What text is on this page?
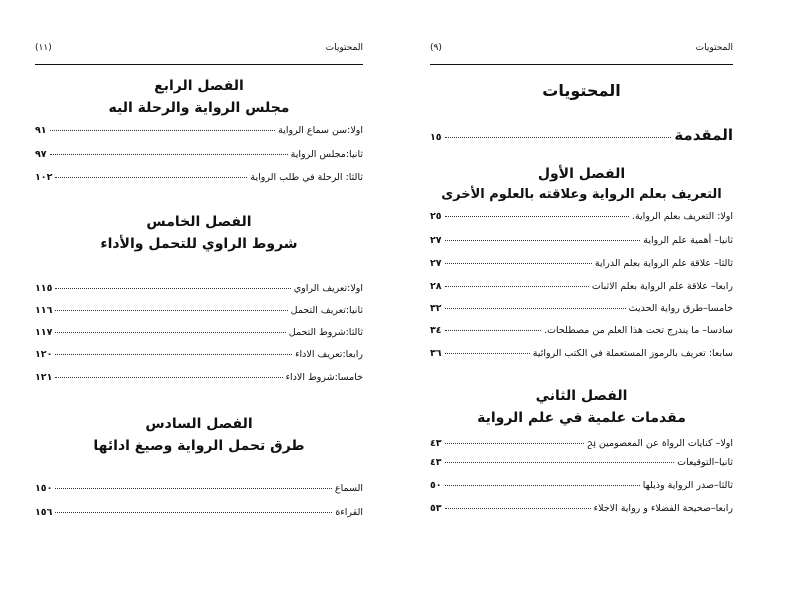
(١١)	المحتويات
الفصل الرابع
مجلس الرواية والرحلة اليه
اولا:سن سماع الرواية
٩١
ثانيا:مجلس الرواية
٩٧
ثالثا: الرحلة في طلب الرواية
١٠٢
الفصل الخامس
شروط الراوي للتحمل والأداء
اولا:تعريف الراوي
١١٥
ثانيا:تعريف التحمل
١١٦
ثالثا:شروط التحمل
١١٧
رابعا:تعريف الاداء
١٢٠
خامسا:شروط الاداء
١٢١
الفصل السادس
طرق تحمل الرواية وصيغ ادائها
السماع
١٥٠
القراءة
١٥٦
(٩)	المحتويات
المحتويات
المقدمة
١٥
الفصل الأول
التعريف بعلم الرواية وعلاقته بالعلوم الأخرى
اولا: التعريف بعلم الرواية.
٢٥
ثانيا– أهمية علم الرواية
٢٧
ثالثا– علاقة علم الرواية بعلم الدراية
٢٧
رابعا– علاقة علم الرواية بعلم الاثبات
٢٨
خامسا–طرق رواية الحديث
٣٢
سادسا– ما يندرج تحت هذا العلم من مصطلحات.
٣٤
سابعا: تعريف بالرموز المستعملة في الكتب الروائية
٣٦
الفصل الثاني
مقدمات علمية في علم الرواية
اولا– كنايات الرواة عن المعصومين ﰆ
٤٣
ثانيا–التوقيعات
٤٣
ثالثا–صدر الرواية وذيلها
٥٠
رابعا–صحيحة الفضلاء و رواية الاجلاء
٥٣
